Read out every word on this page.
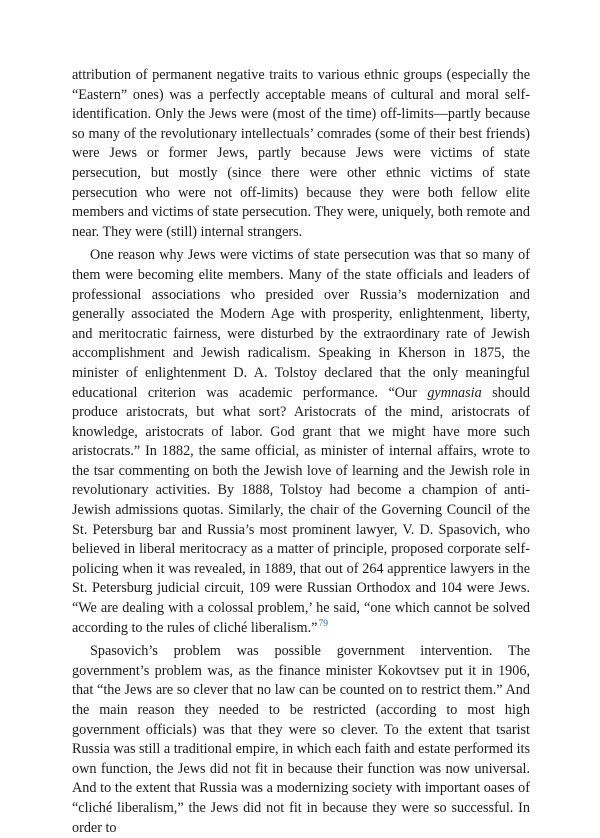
attribution of permanent negative traits to various ethnic groups (especially the “Eastern” ones) was a perfectly acceptable means of cultural and moral self-identification. Only the Jews were (most of the time) off-limits—partly because so many of the revolutionary intellectuals’ comrades (some of their best friends) were Jews or former Jews, partly because Jews were victims of state persecution, but mostly (since there were other ethnic victims of state persecution who were not off-limits) because they were both fellow elite members and victims of state persecution. They were, uniquely, both remote and near. They were (still) internal strangers.

One reason why Jews were victims of state persecution was that so many of them were becoming elite members. Many of the state officials and leaders of professional associations who presided over Russia’s modernization and generally associated the Modern Age with prosperity, enlightenment, liberty, and meritocratic fairness, were disturbed by the extraordinary rate of Jewish accomplishment and Jewish radicalism. Speaking in Kherson in 1875, the minister of enlightenment D. A. Tolstoy declared that the only meaningful educational criterion was academic performance. “Our gymnasia should produce aristocrats, but what sort? Aristocrats of the mind, aristocrats of knowledge, aristocrats of labor. God grant that we might have more such aristocrats.” In 1882, the same official, as minister of internal affairs, wrote to the tsar commenting on both the Jewish love of learning and the Jewish role in revolutionary activities. By 1888, Tolstoy had become a champion of anti-Jewish admissions quotas. Similarly, the chair of the Governing Council of the St. Petersburg bar and Russia’s most prominent lawyer, V. D. Spasovich, who believed in liberal meritocracy as a matter of principle, proposed corporate self-policing when it was revealed, in 1889, that out of 264 apprentice lawyers in the St. Petersburg judicial circuit, 109 were Russian Orthodox and 104 were Jews. “We are dealing with a colossal problem,’ he said, “one which cannot be solved according to the rules of cliché liberalism.”$^{79}$

Spasovich’s problem was possible government intervention. The government’s problem was, as the finance minister Kokovtsev put it in 1906, that “the Jews are so clever that no law can be counted on to restrict them.” And the main reason they needed to be restricted (according to most high government officials) was that they were so clever. To the extent that tsarist Russia was still a traditional empire, in which each faith and estate performed its own function, the Jews did not fit in because their function was now universal. And to the extent that Russia was a modernizing society with important oases of “cliché liberalism,” the Jews did not fit in because they were so successful. In order to
